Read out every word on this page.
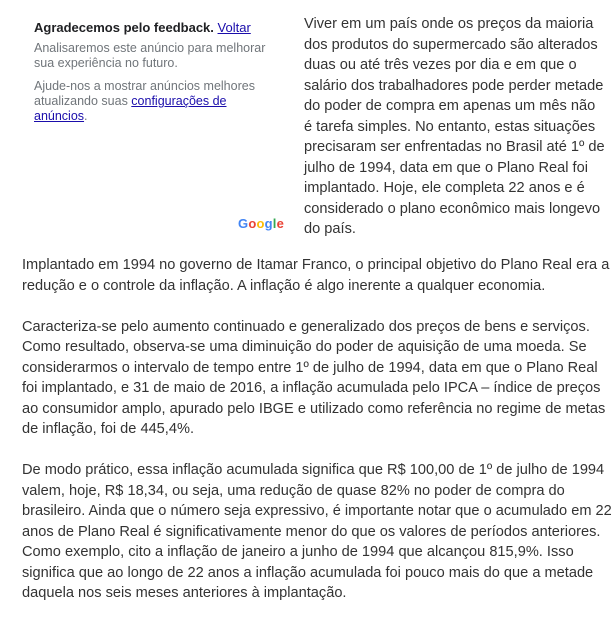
Agradecemos pelo feedback. Voltar
Analisaremos este anúncio para melhorar
sua experiência no futuro.
Ajude-nos a mostrar anúncios melhores
atualizando suas configurações de
anúncios.
Google
Viver em um país onde os preços da maioria
dos produtos do supermercado são alterados
duas ou até três vezes por dia e em que o
salário dos trabalhadores pode perder metade
do poder de compra em apenas um mês não
é tarefa simples. No entanto, estas situações
precisaram ser enfrentadas no Brasil até 1º de
julho de 1994, data em que o Plano Real foi
implantado. Hoje, ele completa 22 anos e é
considerado o plano econômico mais longevo
do país.
Implantado em 1994 no governo de Itamar Franco, o principal objetivo do Plano Real era a
redução e o controle da inflação. A inflação é algo inerente a qualquer economia.
Caracteriza-se pelo aumento continuado e generalizado dos preços de bens e serviços.
Como resultado, observa-se uma diminuição do poder de aquisição de uma moeda. Se
considerarmos o intervalo de tempo entre 1º de julho de 1994, data em que o Plano Real
foi implantado, e 31 de maio de 2016, a inflação acumulada pelo IPCA – índice de preços
ao consumidor amplo, apurado pelo IBGE e utilizado como referência no regime de metas
de inflação, foi de 445,4%.
De modo prático, essa inflação acumulada significa que R$ 100,00 de 1º de julho de 1994
valem, hoje, R$ 18,34, ou seja, uma redução de quase 82% no poder de compra do
brasileiro. Ainda que o número seja expressivo, é importante notar que o acumulado em 22
anos de Plano Real é significativamente menor do que os valores de períodos anteriores.
Como exemplo, cito a inflação de janeiro a junho de 1994 que alcançou 815,9%. Isso
significa que ao longo de 22 anos a inflação acumulada foi pouco mais do que a metade
daquela nos seis meses anteriores à implantação.
